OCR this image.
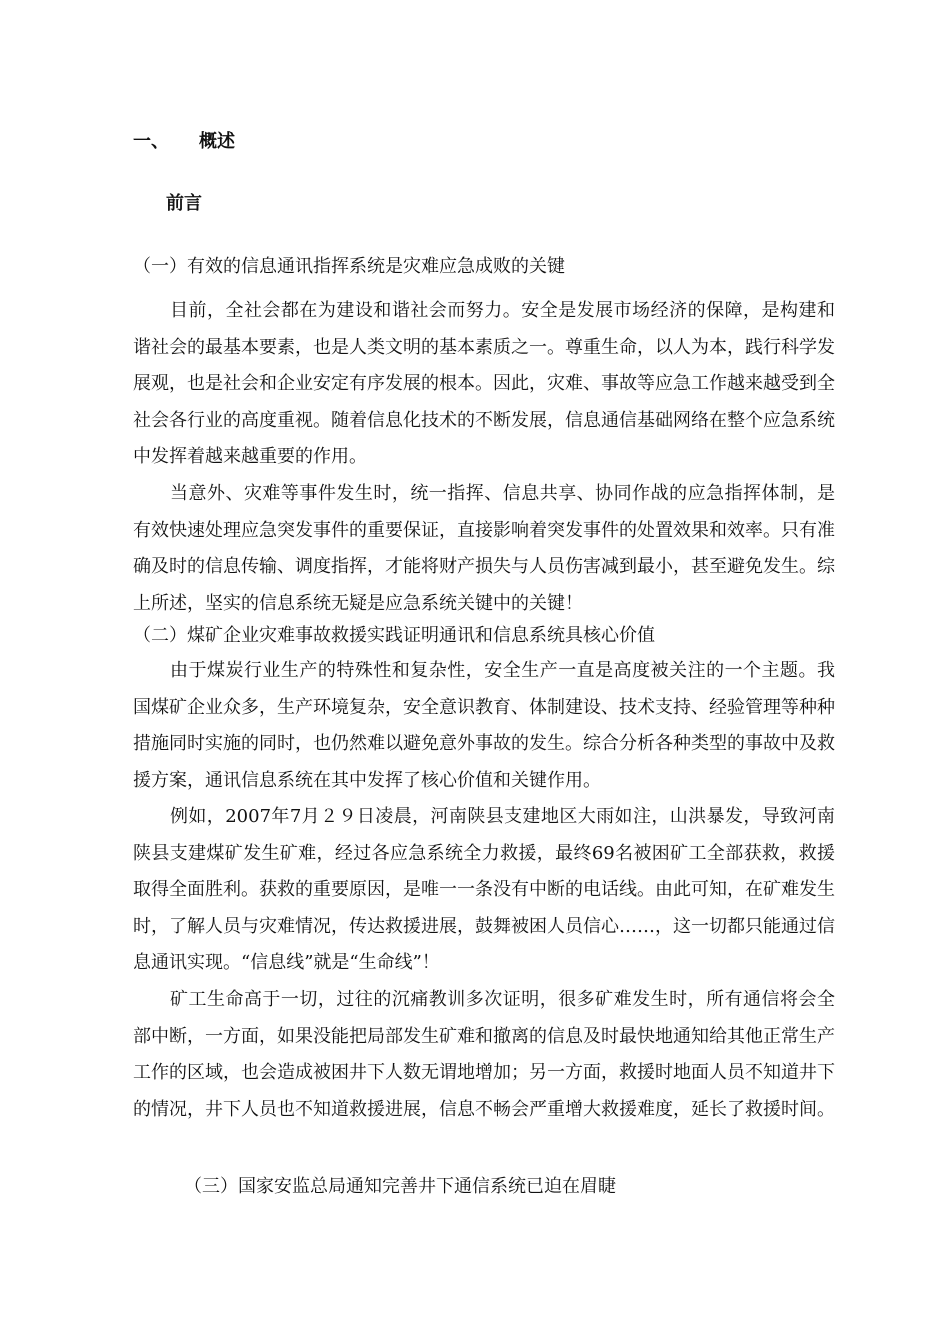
一、 概述
前言
（一）有效的信息通讯指挥系统是灾难应急成败的关键
目前，全社会都在为建设和谐社会而努力。安全是发展市场经济的保障，是构建和谐社会的最基本要素，也是人类文明的基本素质之一。尊重生命，以人为本，践行科学发展观，也是社会和企业安定有序发展的根本。因此，灾难、事故等应急工作越来越受到全社会各行业的高度重视。随着信息化技术的不断发展，信息通信基础网络在整个应急系统中发挥着越来越重要的作用。
当意外、灾难等事件发生时，统一指挥、信息共享、协同作战的应急指挥体制，是有效快速处理应急突发事件的重要保证，直接影响着突发事件的处置效果和效率。只有准确及时的信息传输、调度指挥，才能将财产损失与人员伤害减到最小，甚至避免发生。综上所述，坚实的信息系统无疑是应急系统关键中的关键！
（二）煤矿企业灾难事故救援实践证明通讯和信息系统具核心价值
由于煤炭行业生产的特殊性和复杂性，安全生产一直是高度被关注的一个主题。我国煤矿企业众多，生产环境复杂，安全意识教育、体制建设、技术支持、经验管理等种种措施同时实施的同时，也仍然难以避免意外事故的发生。综合分析各种类型的事故中及救援方案，通讯信息系统在其中发挥了核心价值和关键作用。
例如，2007年7月２９日凌晨，河南陕县支建地区大雨如注，山洪暴发，导致河南陕县支建煤矿发生矿难，经过各应急系统全力救援，最终69名被困矿工全部获救，救援取得全面胜利。获救的重要原因，是唯一一条没有中断的电话线。由此可知，在矿难发生时，了解人员与灾难情况，传达救援进展，鼓舞被困人员信心……，这一切都只能通过信息通讯实现。“信息线”就是“生命线”！
矿工生命高于一切，过往的沉痛教训多次证明，很多矿难发生时，所有通信将会全部中断，一方面，如果没能把局部发生矿难和撤离的信息及时最快地通知给其他正常生产工作的区域，也会造成被困井下人数无谓地增加；另一方面，救援时地面人员不知道井下的情况，井下人员也不知道救援进展，信息不畅会严重增大救援难度，延长了救援时间。
（三）国家安监总局通知完善井下通信系统已迫在眉睫
